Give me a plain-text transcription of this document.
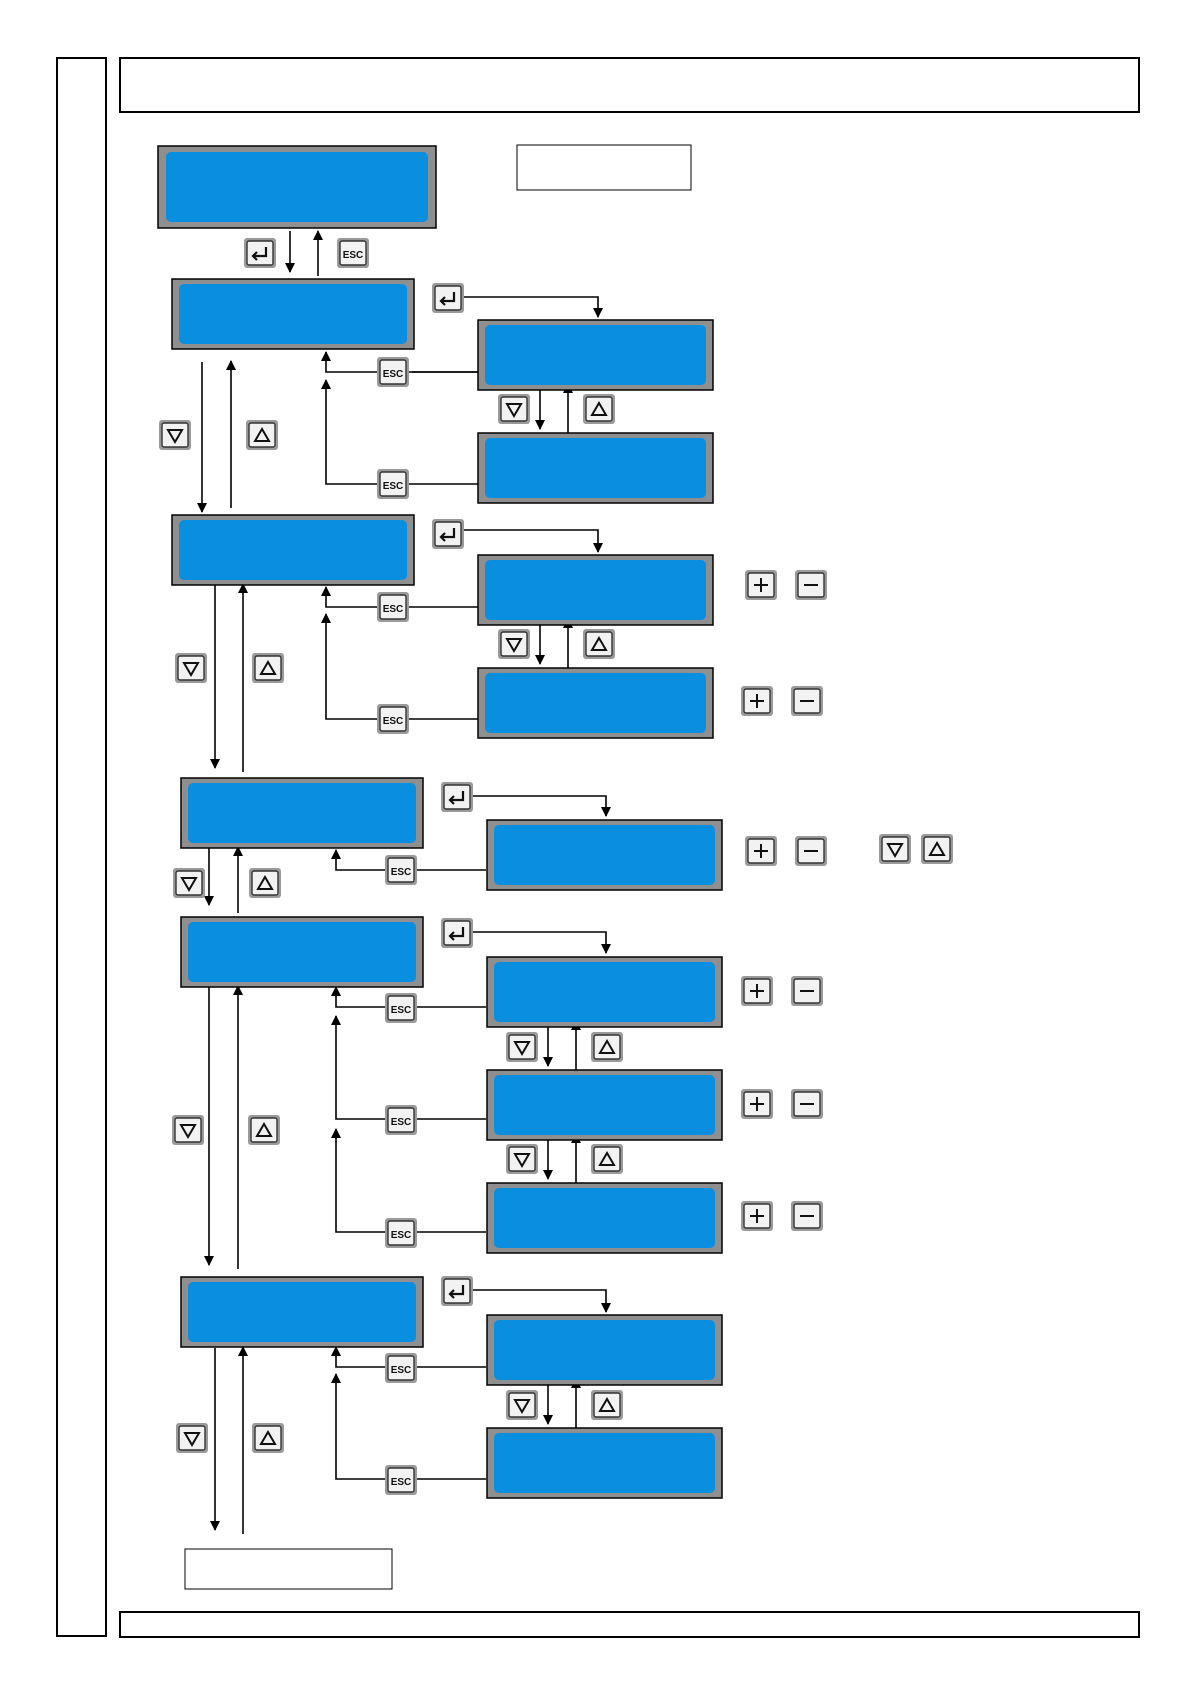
ESC
ESC
ESC
ESC
ESC
ESC
ESC
ESC
ESC
ESC
ESC
